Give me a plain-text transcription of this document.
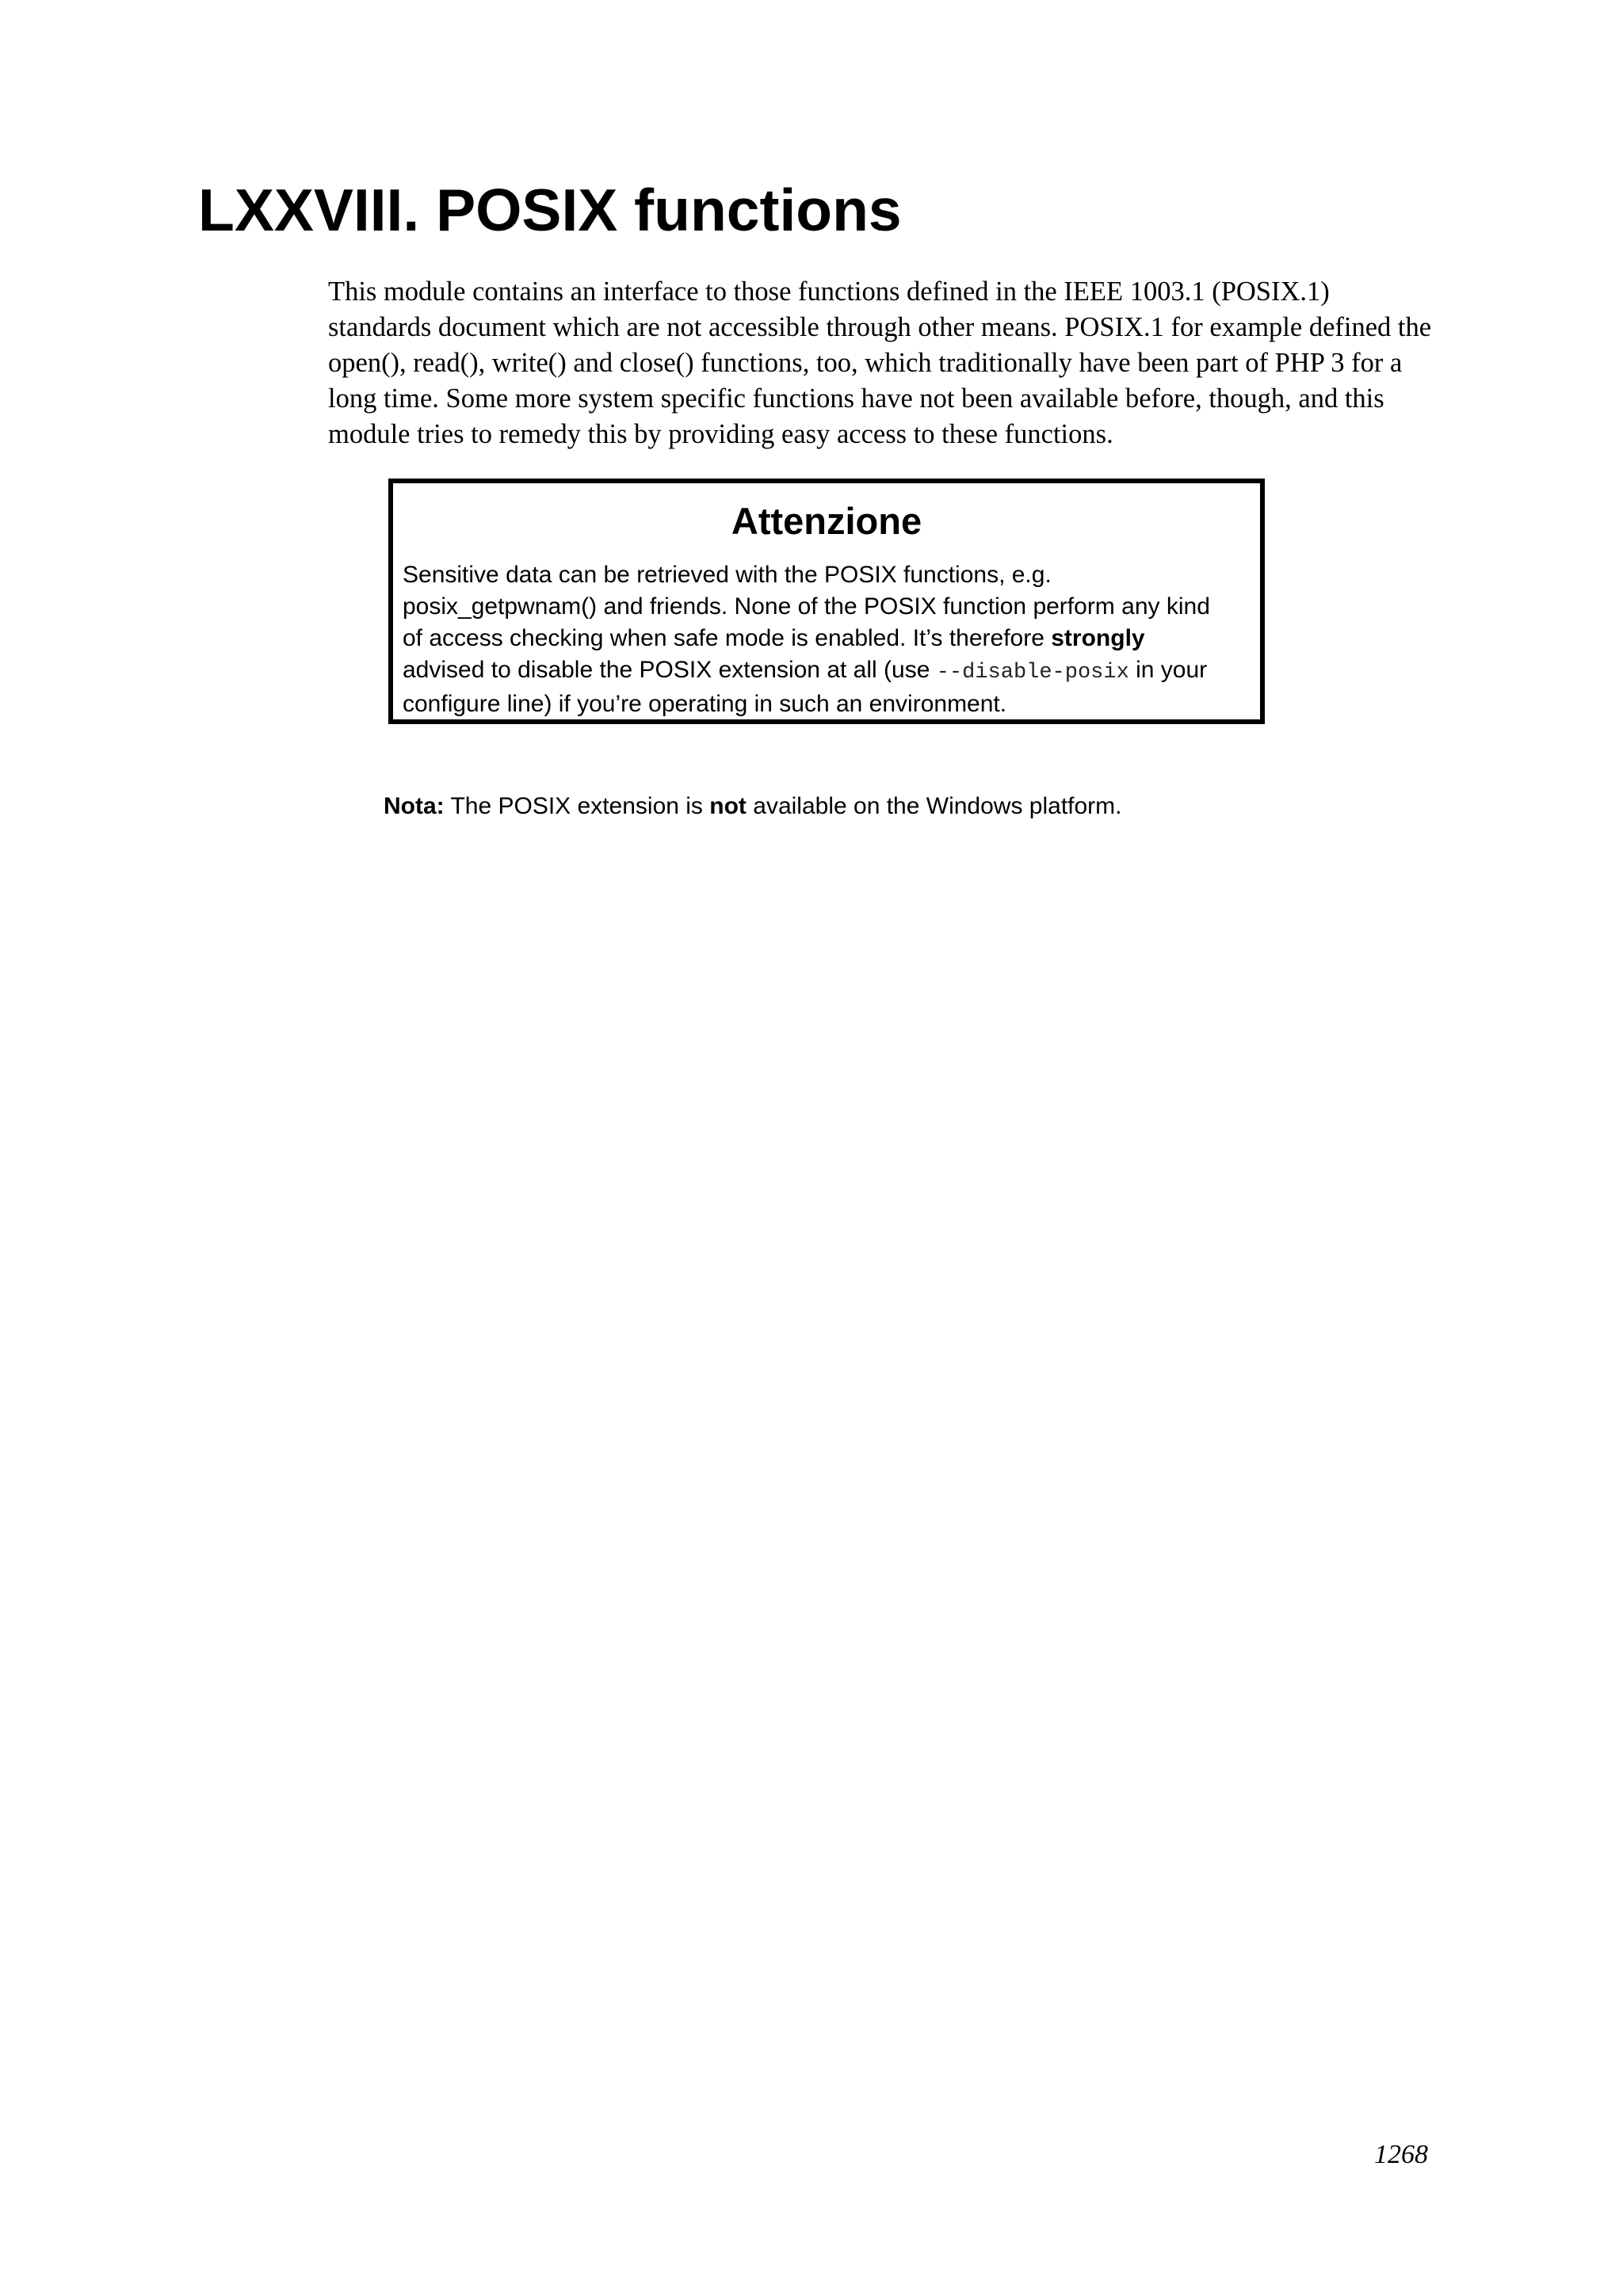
LXXVIII. POSIX functions

This module contains an interface to those functions defined in the IEEE 1003.1 (POSIX.1)
standards document which are not accessible through other means. POSIX.1 for example defined the
open(), read(), write() and close() functions, too, which traditionally have been part of PHP 3 for a
long time. Some more system specific functions have not been available before, though, and this
module tries to remedy this by providing easy access to these functions.

Attenzione

Sensitive data can be retrieved with the POSIX functions, e.g.
posix_getpwnam() and friends. None of the POSIX function perform any kind
of access checking when safe mode is enabled. It’s therefore strongly
advised to disable the POSIX extension at all (use --disable-posix in your
configure line) if you’re operating in such an environment.

Nota: The POSIX extension is not available on the Windows platform.

1268
